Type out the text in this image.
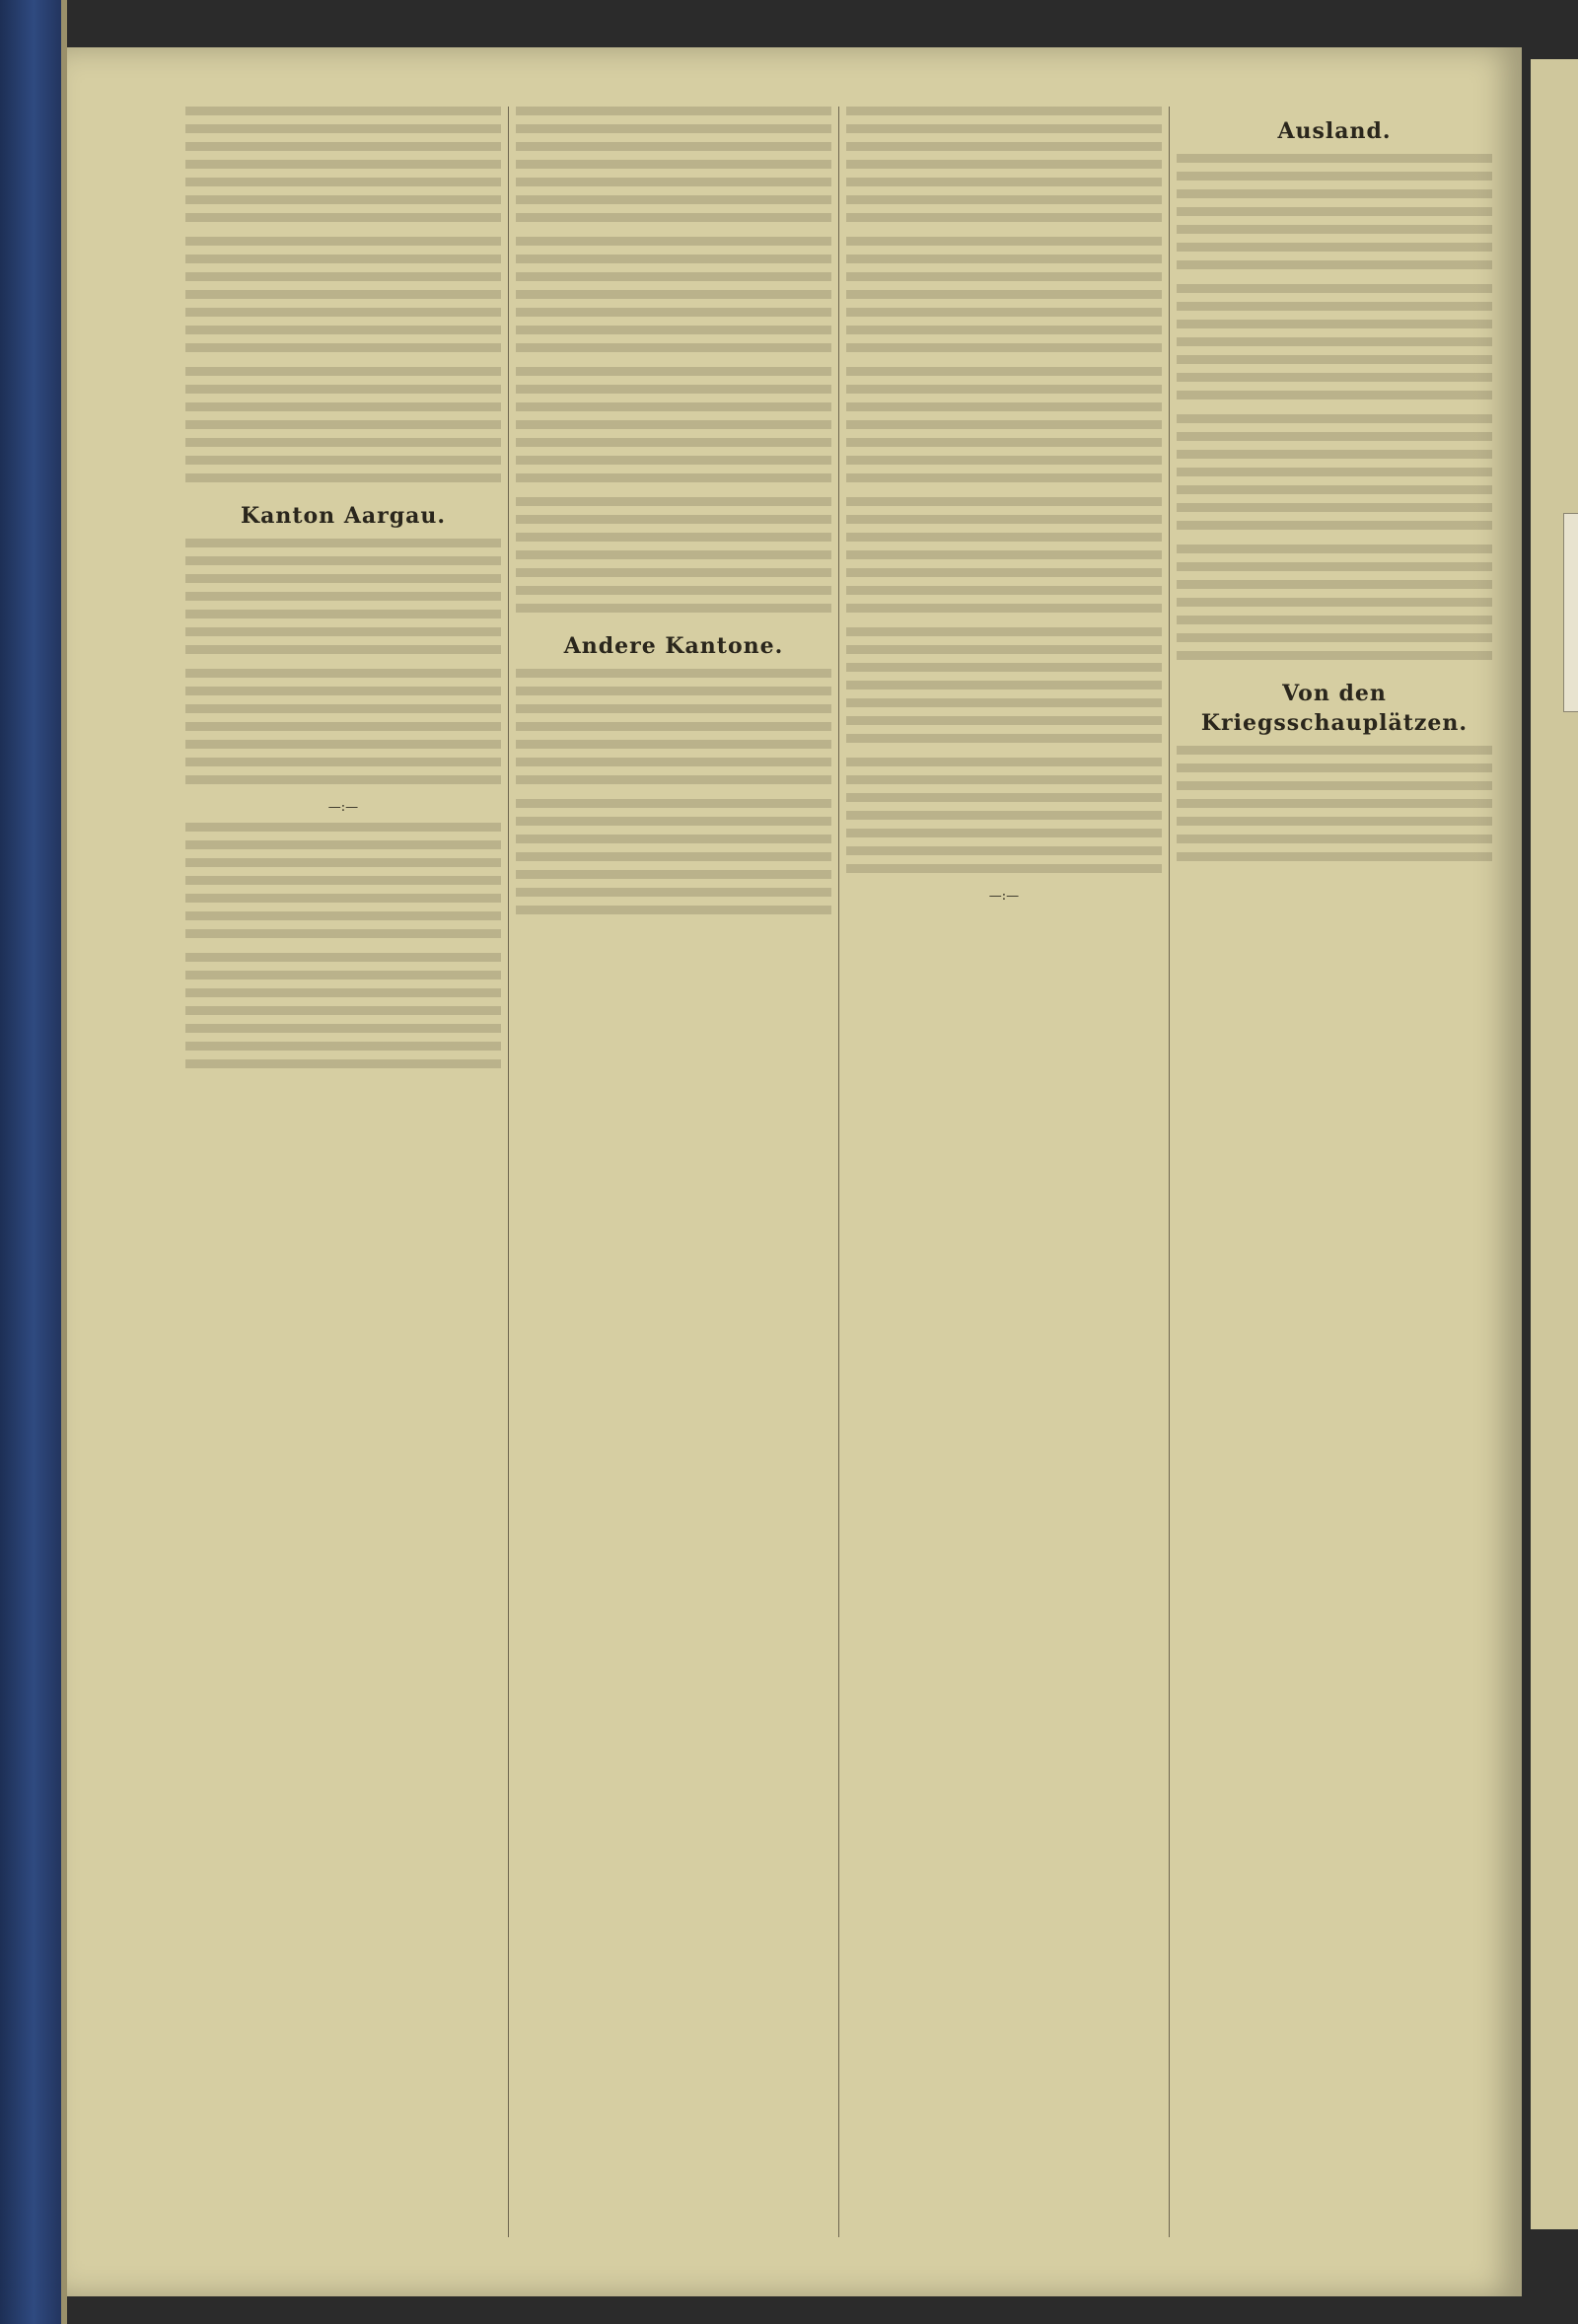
Kanton Aargau.
—:—
Andere Kantone.
—:—
Ausland.
Von den Kriegsschauplätzen.
